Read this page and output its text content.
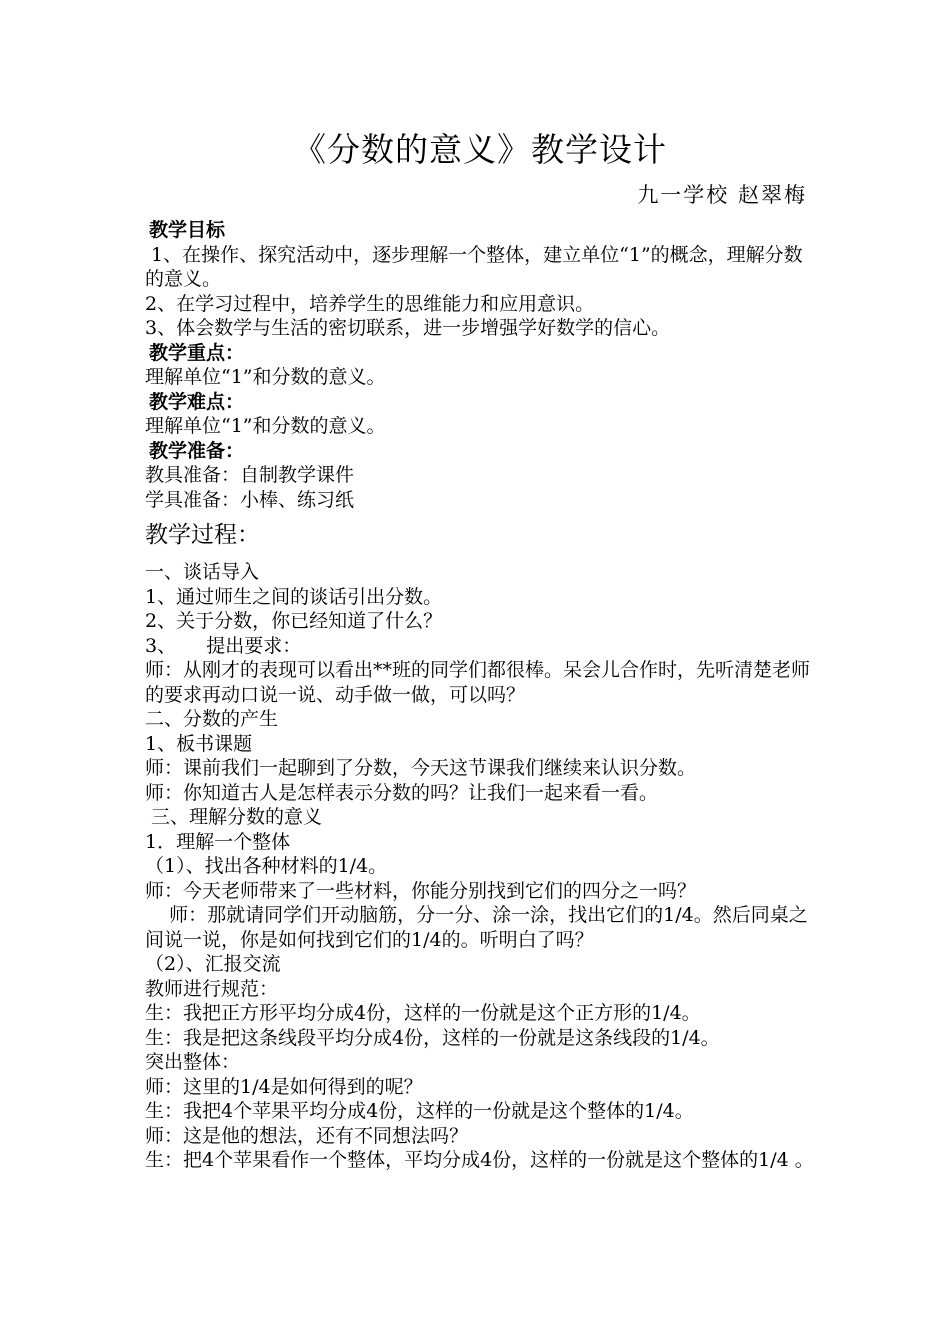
《分数的意义》教学设计

九一学校 赵翠梅

教学目标

1、在操作、探究活动中，逐步理解一个整体，建立单位“1”的概念，理解分数的意义。

2、在学习过程中，培养学生的思维能力和应用意识。

3、体会数学与生活的密切联系，进一步增强学好数学的信心。

教学重点：

理解单位“1”和分数的意义。

教学难点：

理解单位“1”和分数的意义。

教学准备：

教具准备：自制教学课件

学具准备：小棒、练习纸

教学过程：

一、谈话导入

1、通过师生之间的谈话引出分数。

2、关于分数，你已经知道了什么？

3、     提出要求：

师：从刚才的表现可以看出**班的同学们都很棒。呆会儿合作时，先听清楚老师的要求再动口说一说、动手做一做，可以吗？

二、分数的产生

1、板书课题

师：课前我们一起聊到了分数，今天这节课我们继续来认识分数。

师：你知道古人是怎样表示分数的吗？让我们一起来看一看。

三、理解分数的意义

1．理解一个整体

（1）、找出各种材料的1/4。

师：今天老师带来了一些材料，你能分别找到它们的四分之一吗？

师：那就请同学们开动脑筋，分一分、涂一涂，找出它们的1/4。然后同桌之间说一说，你是如何找到它们的1/4的。听明白了吗？

（2）、汇报交流

教师进行规范：

生：我把正方形平均分成4份，这样的一份就是这个正方形的1/4。

生：我是把这条线段平均分成4份，这样的一份就是这条线段的1/4。

突出整体：

师：这里的1/4是如何得到的呢？

生：我把4个苹果平均分成4份，这样的一份就是这个整体的1/4。

师：这是他的想法，还有不同想法吗？

生：把4个苹果看作一个整体，平均分成4份，这样的一份就是这个整体的1/4 。
